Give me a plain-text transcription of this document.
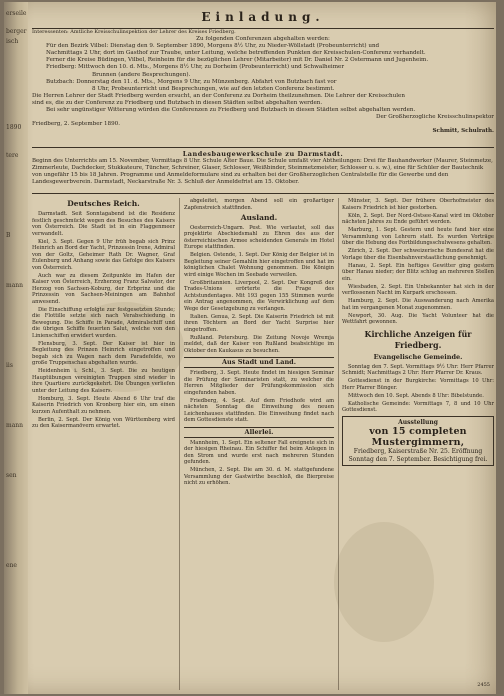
erseile
berger
isch
1890
tere
B
mann
iis
mann
sen
ene
Einladung.

Interessenten: Amtliche Kreisschulinspektion der Lehrer des Kreises Friedberg.

Zu folgenden Conferenzen abgehalten werden:

Für den Bezirk Vilbel: Dienstag den 9. September 1890, Morgens 8½ Uhr, zu Nieder-Wöllstadt (Probeunterricht) und

Nachmittags 2 Uhr, dort im Gasthof zur Traube, unter Leitung, welche betreffenden Punkten der Kreisschulen-Conferenz verhandelt.

Ferner die Kreise Büdingen, Vilbel, Reinheim für die bezüglichen Lehrer (Mitarbeiter) mit Dr. Daniel Nr. 2 Ostermann und Jugenheim.

Friedberg: Mittwoch den 10. d. Mts., Morgens 8½ Uhr, zu Dorheim (Probeunterricht) und Schwalheimer

Brunnen (andere Besprechungen).

Butzbach: Donnerstag den 11. d. Mts., Morgens 9 Uhr, zu Münzenberg. Abfahrt von Butzbach fast vor

8 Uhr, Probeunterricht und Besprechungen, wie auf den letzten Conferenz bestimmt.

Die Herren Lehrer der Stadt Friedberg werden ersucht, an der Conferenz zu Dorheim theilzunehmen. Die Lehrer der Kreisschulen

sind es, die zu der Conferenz zu Friedberg und Butzbach in diesen Städten selbst abgehalten werden.

Bei sehr ungünstiger Witterung würden die Conferenzen zu Friedberg und Butzbach in diesen Städten selbst abgehalten werden.

Der Großherzogliche Kreisschulinspektor

Friedberg, 2. September 1890.

Schmitt, Schulrath.

Landesbaugewerkschule zu Darmstadt.
Beginn des Unterrichts am 15. November, Vormittags 8 Uhr. Schule Alter Baue. Die Schule umfaßt vier Abtheilungen: Drei für Bauhandwerker (Maurer, Steinmetze, Zimmerleute, Dachdecker, Stukkateure, Tüncher, Schreiner, Glaser, Schlosser, Weißbinder, Steinmetzmeister, Schlosser u. s. w.), eine für Schüler der Bautechnik von ungefähr 15 bis 18 Jahren. Programme und Anmeldeformulare sind zu erhalten bei der Großherzoglichen Centralstelle für die Gewerbe und den Landesgewerbverein. Darmstadt, Neckarstraße Nr. 3. Schluß der Anmeldefrist am 15. Oktober.
Deutsches Reich.

Darmstadt. Seit Sonntagabend ist die Residenz festlich geschmückt wegen des Besuches des Kaisers von Österreich. Die Stadt ist in ein Flaggenmeer verwandelt.

Kiel, 3. Sept. Gegen 9 Uhr früh begab sich Prinz Heinrich an Bord der Yacht, Prinzessin Irene, Admiral von der Goltz, Geheimer Rath Dr. Wagner, Graf Eulenburg und Anhang sowie das Gefolge des Kaisers von Österreich.

Auch war zu diesem Zeitpunkte im Hafen der Kaiser von Österreich, Erzherzog Franz Salvator, der Herzog von Sachsen-Koburg, der Erbprinz und die Prinzessin von Sachsen-Meiningen am Bahnhof anwesend.

Die Einschiffung erfolgte zur festgesetzten Stunde; die Flottille setzte sich nach Verabschiedung in Bewegung. Die Schiffe in Parade, Admiralschiff und die übrigen Schiffe feuerten Salut, welche von den Linienschiffen erwidert wurden.

Flensburg, 3. Sept. Der Kaiser ist hier in Begleitung des Prinzen Heinrich eingetroffen und begab sich zu Wagen nach dem Paradefelde, wo große Truppenschau abgehalten wurde.

Heidenheim i. Schl., 3. Sept. Die zu heutigen Hauptübungen vereinigten Truppen sind wieder in ihre Quartiere zurückgekehrt. Die Übungen verliefen unter der Leitung des Kaisers.

Homburg, 3. Sept. Heute Abend 6 Uhr traf die Kaiserin Friedrich von Kronberg hier ein, um einen kurzen Aufenthalt zu nehmen.

Berlin, 2. Sept. Der König von Württemberg wird zu den Kaisermanövern erwartet.

abgeleitet, morgen Abend soll ein großartiger Zapfenstreich stattfinden.

Ausland.

Oesterreich-Ungarn. Pest. Wie verlautet, soll das projektirte Abschiedsmahl zu Ehren des aus der österreichischen Armee scheidenden Generals im Hotel Europe stattfinden.

Belgien. Ostende, 1. Sept. Der König der Belgier ist in Begleitung seiner Gemahlin hier eingetroffen und hat im königlichen Chalet Wohnung genommen. Die Königin wird einige Wochen im Seebade verweilen.

Großbritannien. Liverpool, 2. Sept. Der Kongreß der Trades-Unions erörterte die Frage des Achtstundentages. Mit 193 gegen 155 Stimmen wurde ein Antrag angenommen, die Verwirklichung auf dem Wege der Gesetzgebung zu verlangen.

Italien. Genua, 2. Sept. Die Kaiserin Friedrich ist mit ihren Töchtern an Bord der Yacht Surprise hier eingetroffen.

Rußland. Petersburg. Die Zeitung Novoje Wremja meldet, daß der Kaiser von Rußland beabsichtige im Oktober den Kaukasus zu besuchen.

Aus Stadt und Land.

Friedberg, 3. Sept. Heute findet im hiesigen Seminar die Prüfung der Seminaristen statt, zu welcher die Herren Mitglieder der Prüfungskommission sich eingefunden haben.

Friedberg, 4. Sept. Auf dem Friedhofe wird am nächsten Sonntag die Einweihung des neuen Leichenhauses stattfinden. Die Einweihung findet nach dem Gottesdienste statt.

Allerlei.

Mannheim, 1. Sept. Ein seltener Fall ereignete sich in der hiesigen Rheinau. Ein Schiffer fiel beim Anlegen in den Strom und wurde erst nach mehreren Stunden gefunden.

München, 2. Sept. Die am 30. d. M. stattgefundene Versammlung der Gastwirthe beschloß, die Bierpreise nicht zu erhöhen.

Münster, 3. Sept. Der frühere Oberhofmeister des Kaisers Friedrich ist hier gestorben.

Köln, 2. Sept. Der Nord-Ostsee-Kanal wird im Oktober nächsten Jahres zu Ende geführt werden.

Marburg, 1. Sept. Gestern und heute fand hier eine Versammlung von Lehrern statt. Es wurden Vorträge über die Hebung des Fortbildungsschulwesens gehalten.

Zürich, 2. Sept. Der schweizerische Bundesrat hat die Vorlage über die Eisenbahnverstaatlichung genehmigt.

Hanau, 2. Sept. Ein heftiges Gewitter ging gestern über Hanau nieder; der Blitz schlug an mehreren Stellen ein.

Wiesbaden, 2. Sept. Ein Unbekannter hat sich in der verflossenen Nacht im Kurpark erschossen.

Hamburg, 2. Sept. Die Auswanderung nach Amerika hat im vergangenen Monat zugenommen.

Newport, 30. Aug. Die Yacht Volunteer hat die Wettfahrt gewonnen.

Kirchliche Anzeigen für Friedberg.
Evangelische Gemeinde.

Sonntag den 7. Sept. Vormittags 9½ Uhr: Herr Pfarrer Schmidt; Nachmittags 2 Uhr: Herr Pfarrer Dr. Kraus.

Gottesdienst in der Burgkirche: Vormittags 10 Uhr: Herr Pfarrer Bünger.

Mittwoch den 10. Sept. Abends 8 Uhr: Bibelstunde.

Katholische Gemeinde: Vormittags 7, 8 und 10 Uhr Gottesdienst.

Ausstellung
von 15 completen Mustergimmern,
Friedberg, Kaiserstraße Nr. 25. Eröffnung Sonntag den 7. September. Besichtigung frei.
2455
